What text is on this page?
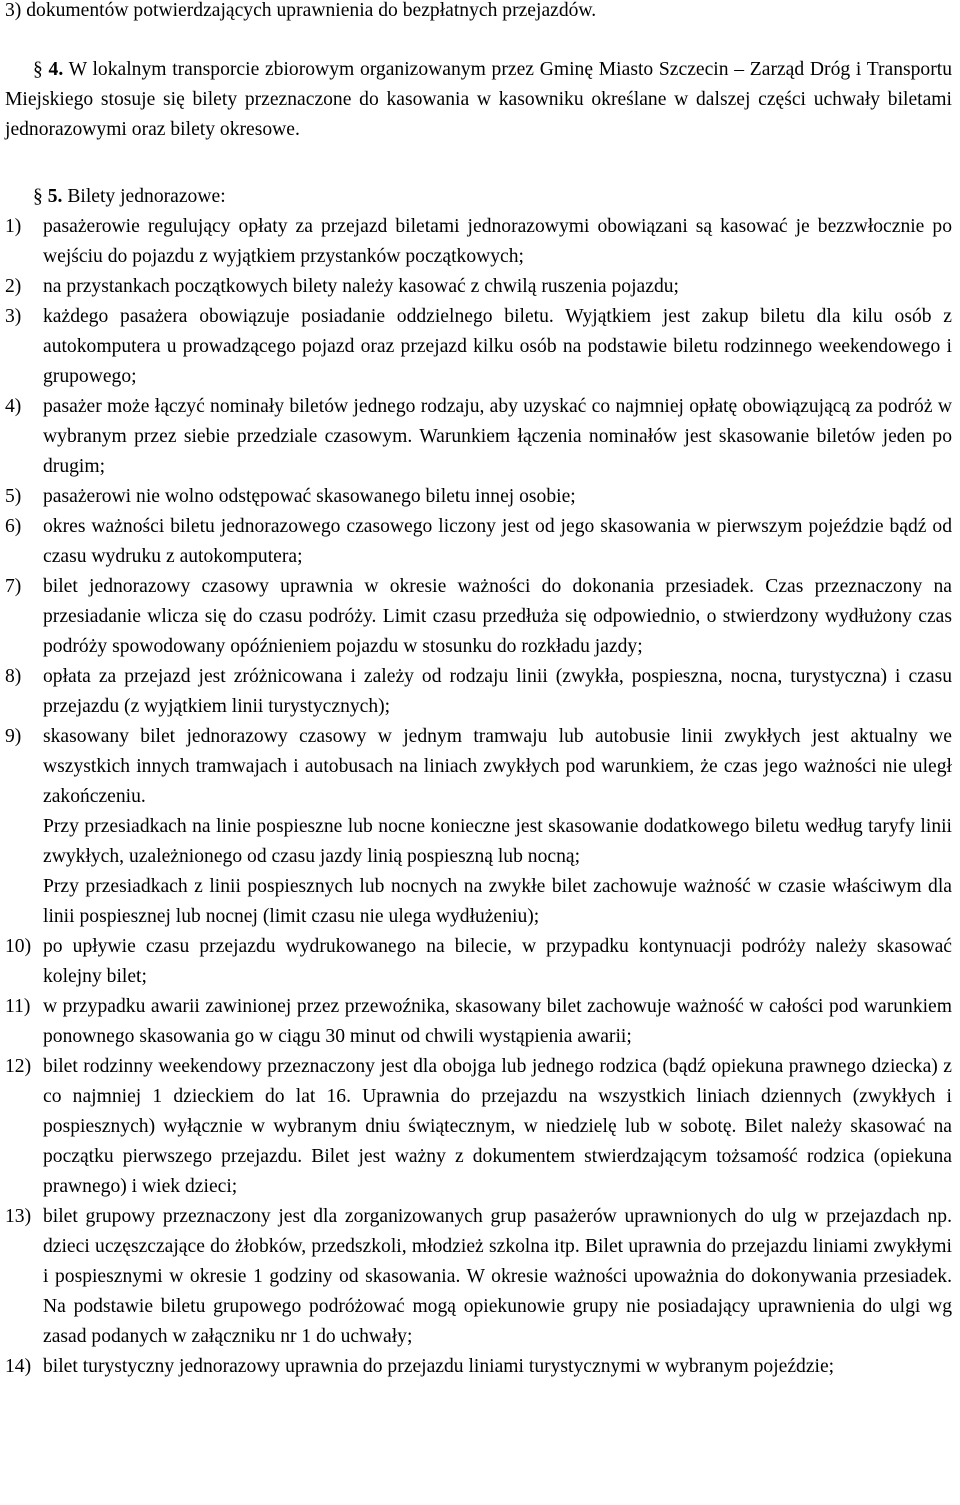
3) dokumentów potwierdzających uprawnienia do bezpłatnych przejazdów.
§ 4. W lokalnym transporcie zbiorowym organizowanym przez Gminę Miasto Szczecin – Zarząd Dróg i Transportu Miejskiego stosuje się bilety przeznaczone do kasowania w kasowniku określane w dalszej części uchwały biletami jednorazowymi oraz bilety okresowe.
§ 5. Bilety jednorazowe:
1) pasażerowie regulujący opłaty za przejazd biletami jednorazowymi obowiązani są kasować je bezzwłocznie po wejściu do pojazdu z wyjątkiem przystanków początkowych;
2) na przystankach początkowych bilety należy kasować z chwilą ruszenia pojazdu;
3) każdego pasażera obowiązuje posiadanie oddzielnego biletu. Wyjątkiem jest zakup biletu dla kilu osób z autokomputera u prowadzącego pojazd oraz przejazd kilku osób na podstawie biletu rodzinnego weekendowego i grupowego;
4) pasażer może łączyć nominały biletów jednego rodzaju, aby uzyskać co najmniej opłatę obowiązującą za podróż w wybranym przez siebie przedziale czasowym. Warunkiem łączenia nominałów jest skasowanie biletów jeden po drugim;
5) pasażerowi nie wolno odstępować skasowanego biletu innej osobie;
6) okres ważności biletu jednorazowego czasowego liczony jest od jego skasowania w pierwszym pojeździe bądź od czasu wydruku z autokomputera;
7) bilet jednorazowy czasowy uprawnia w okresie ważności do dokonania przesiadek. Czas przeznaczony na przesiadanie wlicza się do czasu podróży. Limit czasu przedłuża się odpowiednio, o stwierdzony wydłużony czas podróży spowodowany opóźnieniem pojazdu w stosunku do rozkładu jazdy;
8) opłata za przejazd jest zróżnicowana i zależy od rodzaju linii (zwykła, pospieszna, nocna, turystyczna) i czasu przejazdu (z wyjątkiem linii turystycznych);
9) skasowany bilet jednorazowy czasowy w jednym tramwaju lub autobusie linii zwykłych jest aktualny we wszystkich innych tramwajach i autobusach na liniach zwykłych pod warunkiem, że czas jego ważności nie uległ zakończeniu.
Przy przesiadkach na linie pospieszne lub nocne konieczne jest skasowanie dodatkowego biletu według taryfy linii zwykłych, uzależnionego od czasu jazdy linią pospieszną lub nocną;
Przy przesiadkach z linii pospiesznych lub nocnych na zwykłe bilet zachowuje ważność w czasie właściwym dla linii pospiesznej lub nocnej (limit czasu nie ulega wydłużeniu);
10) po upływie czasu przejazdu wydrukowanego na bilecie, w przypadku kontynuacji podróży należy skasować kolejny bilet;
11) w przypadku awarii zawinionej przez przewoźnika, skasowany bilet zachowuje ważność w całości pod warunkiem ponownego skasowania go w ciągu 30 minut od chwili wystąpienia awarii;
12) bilet rodzinny weekendowy przeznaczony jest dla obojga lub jednego rodzica (bądź opiekuna prawnego dziecka) z co najmniej 1 dzieckiem do lat 16. Uprawnia do przejazdu na wszystkich liniach dziennych (zwykłych i pospiesznych) wyłącznie w wybranym dniu świątecznym, w niedzielę lub w sobotę. Bilet należy skasować na początku pierwszego przejazdu. Bilet jest ważny z dokumentem stwierdzającym tożsamość rodzica (opiekuna prawnego) i wiek dzieci;
13) bilet grupowy przeznaczony jest dla zorganizowanych grup pasażerów uprawnionych do ulg w przejazdach np. dzieci uczęszczające do żłobków, przedszkoli, młodzież szkolna itp. Bilet uprawnia do przejazdu liniami zwykłymi i pospiesznymi w okresie 1 godziny od skasowania. W okresie ważności upoważnia do dokonywania przesiadek. Na podstawie biletu grupowego podróżować mogą opiekunowie grupy nie posiadający uprawnienia do ulgi wg zasad podanych w załączniku nr 1 do uchwały;
14) bilet turystyczny jednorazowy uprawnia do przejazdu liniami turystycznymi w wybranym pojeździe;
